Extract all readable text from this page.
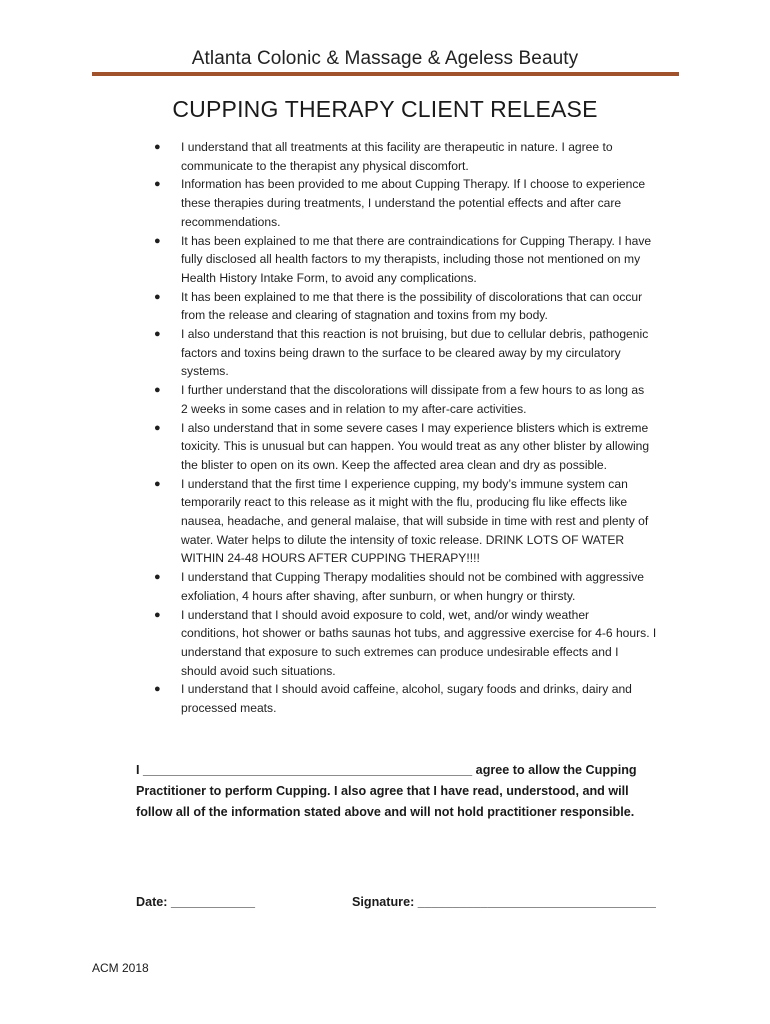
Atlanta Colonic & Massage & Ageless Beauty
CUPPING THERAPY CLIENT RELEASE
● I understand that all treatments at this facility are therapeutic in nature. I agree to
communicate to the therapist any physical discomfort.
● Information has been provided to me about Cupping Therapy. If I choose to experience
these therapies during treatments, I understand the potential effects and after care
recommendations.
● It has been explained to me that there are contraindications for Cupping Therapy. I have
fully disclosed all health factors to my therapists, including those not mentioned on my
Health History Intake Form, to avoid any complications.
● It has been explained to me that there is the possibility of discolorations that can occur
from the release and clearing of stagnation and toxins from my body.
● I also understand that this reaction is not bruising, but due to cellular debris, pathogenic
factors and toxins being drawn to the surface to be cleared away by my circulatory
systems.
● I further understand that the discolorations will dissipate from a few hours to as long as
2 weeks in some cases and in relation to my after-care activities.
● I also understand that in some severe cases I may experience blisters which is extreme
toxicity. This is unusual but can happen. You would treat as any other blister by allowing
the blister to open on its own. Keep the affected area clean and dry as possible.
● I understand that the first time I experience cupping, my body’s immune system can
temporarily react to this release as it might with the flu, producing flu like effects like
nausea, headache, and general malaise, that will subside in time with rest and plenty of
water. Water helps to dilute the intensity of toxic release. DRINK LOTS OF WATER
WITHIN 24-48 HOURS AFTER CUPPING THERAPY!!!!
● I understand that Cupping Therapy modalities should not be combined with aggressive
exfoliation, 4 hours after shaving, after sunburn, or when hungry or thirsty.
● I understand that I should avoid exposure to cold, wet, and/or windy weather
conditions, hot shower or baths saunas hot tubs, and aggressive exercise for 4-6 hours. I
understand that exposure to such extremes can produce undesirable effects and I
should avoid such situations.
● I understand that I should avoid caffeine, alcohol, sugary foods and drinks, dairy and
processed meats.
I _______________________________________________ agree to allow the Cupping
Practitioner to perform Cupping. I also agree that I have read, understood, and will
follow all of the information stated above and will not hold practitioner responsible.
Date: ____________	Signature: __________________________________
ACM 2018
